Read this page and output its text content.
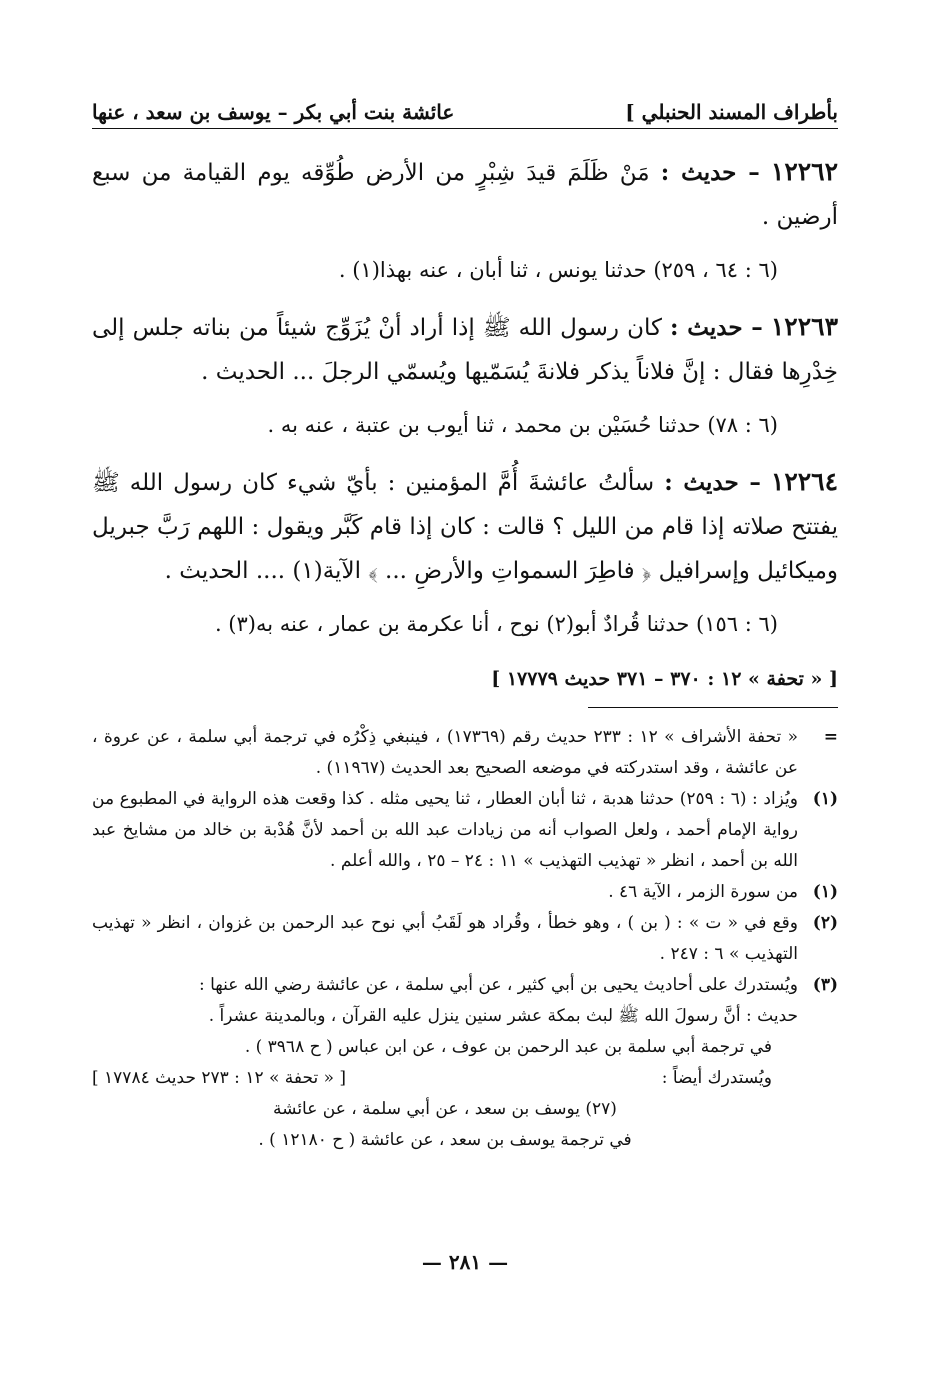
بأطراف المسند الحنبلي ]
عائشة بنت أبي بكر – يوسف بن سعد ، عنها

١٢٢٦٢ – حديث : مَنْ ظَلَمَ قيدَ شِبْرٍ من الأرض طُوِّقه يوم القيامة من سبع أرضين .

(٦ : ٦٤ ، ٢٥٩) حدثنا يونس ، ثنا أبان ، عنه بهذا(١) .

١٢٢٦٣ – حديث : كان رسول الله ﷺ إذا أراد أنْ يُزَوِّج شيئاً من بناته جلس إلى خِدْرِها فقال : إنَّ فلاناً يذكر فلانةَ يُسَمّيها ويُسمّي الرجلَ ... الحديث .

(٦ : ٧٨) حدثنا حُسَيْن بن محمد ، ثنا أيوب بن عتبة ، عنه به .

١٢٢٦٤ – حديث : سألتُ عائشةَ أُمَّ المؤمنين : بأيّ شيء كان رسول الله ﷺ يفتتح صلاته إذا قام من الليل ؟ قالت : كان إذا قام كَبَّر ويقول : اللهم رَبَّ جبريل وميكائيل وإسرافيل ﴿ فاطِرَ السمواتِ والأرضِ ... ﴾ الآية(١) .... الحديث .

(٦ : ١٥٦) حدثنا قُرادٌ أبو(٢) نوح ، أنا عكرمة بن عمار ، عنه به(٣) .

[ « تحفة » ١٢ : ٣٧٠ – ٣٧١ حديث ١٧٧٧٩ ]

=

« تحفة الأشراف » ١٢ : ٢٣٣ حديث رقم (١٧٣٦٩) ، فينبغي ذِكْرُه في ترجمة أبي سلمة ، عن عروة ، عن عائشة ، وقد استدركته في موضعه الصحيح بعد الحديث (١١٩٦٧) .

(١)

ويُزاد : (٦ : ٢٥٩) حدثنا هدبة ، ثنا أبان العطار ، ثنا يحيى مثله . كذا وقعت هذه الرواية في المطبوع من رواية الإمام أحمد ، ولعل الصواب أنه من زيادات عبد الله بن أحمد لأنَّ هُدْبة بن خالد من مشايخ عبد الله بن أحمد ، انظر « تهذيب التهذيب » ١١ : ٢٤ – ٢٥ ، والله أعلم .

(١)

من سورة الزمر ، الآية ٤٦ .

(٢)

وقع في « ت » : ( بن ) ، وهو خطأ ، وقُراد هو لَقَبُ أبي نوح عبد الرحمن بن غزوان ، انظر « تهذيب التهذيب » ٦ : ٢٤٧ .

(٣)

ويُستدرك على أحاديث يحيى بن أبي كثير ، عن أبي سلمة ، عن عائشة رضي الله عنها :

حديث : أنَّ رسولَ الله ﷺ لبث بمكة عشر سنين ينزل عليه القرآن ، وبالمدينة عشراً .

في ترجمة أبي سلمة بن عبد الرحمن بن عوف ، عن ابن عباس ( ح ٣٩٦٨ ) .

ويُستدرك أيضاً :
[ « تحفة » ١٢ : ٢٧٣ حديث ١٧٧٨٤ ]

(٢٧) يوسف بن سعد ، عن أبي سلمة ، عن عائشة

في ترجمة يوسف بن سعد ، عن عائشة ( ح ١٢١٨٠ ) .

— ٢٨١ —
